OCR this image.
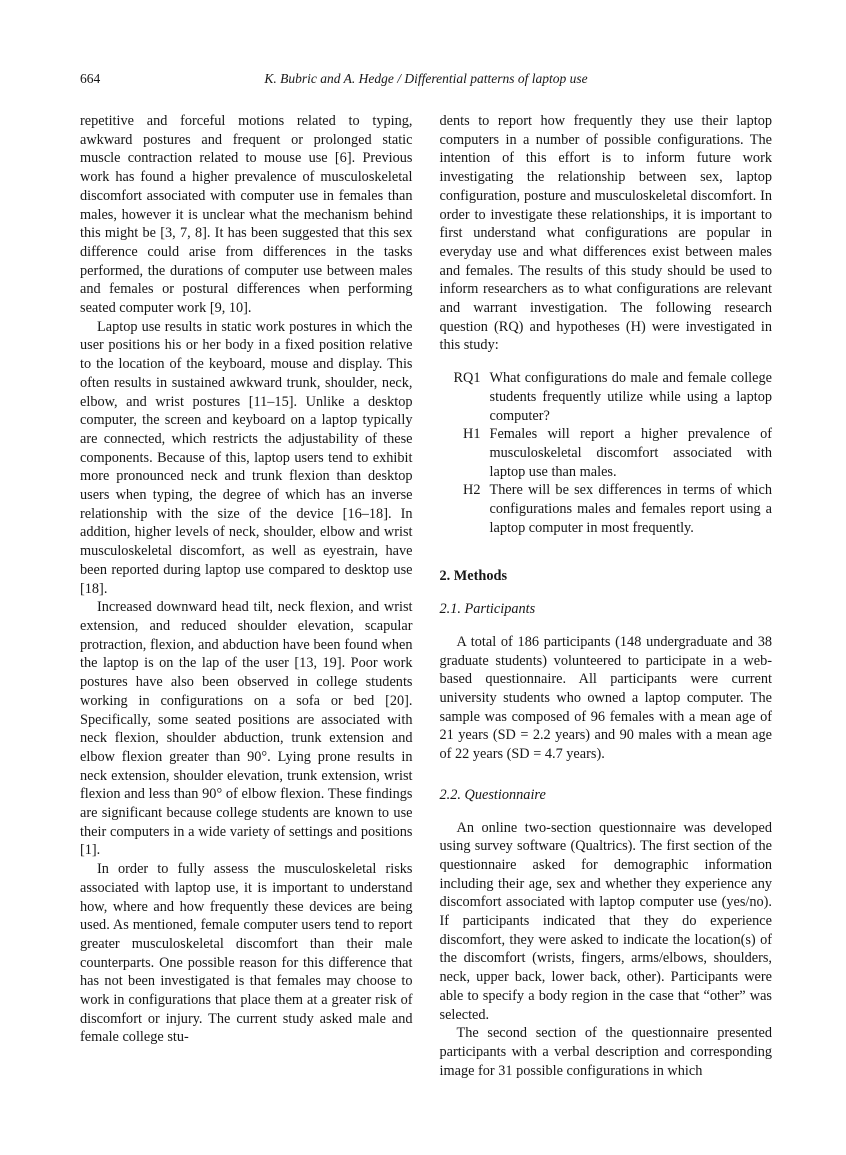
664	K. Bubric and A. Hedge / Differential patterns of laptop use

repetitive and forceful motions related to typing, awkward postures and frequent or prolonged static muscle contraction related to mouse use [6]. Previous work has found a higher prevalence of musculoskeletal discomfort associated with computer use in females than males, however it is unclear what the mechanism behind this might be [3, 7, 8]. It has been suggested that this sex difference could arise from differences in the tasks performed, the durations of computer use between males and females or postural differences when performing seated computer work [9, 10].

Laptop use results in static work postures in which the user positions his or her body in a fixed position relative to the location of the keyboard, mouse and display. This often results in sustained awkward trunk, shoulder, neck, elbow, and wrist postures [11–15]. Unlike a desktop computer, the screen and keyboard on a laptop typically are connected, which restricts the adjustability of these components. Because of this, laptop users tend to exhibit more pronounced neck and trunk flexion than desktop users when typing, the degree of which has an inverse relationship with the size of the device [16–18]. In addition, higher levels of neck, shoulder, elbow and wrist musculoskeletal discomfort, as well as eyestrain, have been reported during laptop use compared to desktop use [18].

Increased downward head tilt, neck flexion, and wrist extension, and reduced shoulder elevation, scapular protraction, flexion, and abduction have been found when the laptop is on the lap of the user [13, 19]. Poor work postures have also been observed in college students working in configurations on a sofa or bed [20]. Specifically, some seated positions are associated with neck flexion, shoulder abduction, trunk extension and elbow flexion greater than 90°. Lying prone results in neck extension, shoulder elevation, trunk extension, wrist flexion and less than 90° of elbow flexion. These findings are significant because college students are known to use their computers in a wide variety of settings and positions [1].

In order to fully assess the musculoskeletal risks associated with laptop use, it is important to understand how, where and how frequently these devices are being used. As mentioned, female computer users tend to report greater musculoskeletal discomfort than their male counterparts. One possible reason for this difference that has not been investigated is that females may choose to work in configurations that place them at a greater risk of discomfort or injury. The current study asked male and female college stu-

dents to report how frequently they use their laptop computers in a number of possible configurations. The intention of this effort is to inform future work investigating the relationship between sex, laptop configuration, posture and musculoskeletal discomfort. In order to investigate these relationships, it is important to first understand what configurations are popular in everyday use and what differences exist between males and females. The results of this study should be used to inform researchers as to what configurations are relevant and warrant investigation. The following research question (RQ) and hypotheses (H) were investigated in this study:

RQ1 What configurations do male and female college students frequently utilize while using a laptop computer?
H1 Females will report a higher prevalence of musculoskeletal discomfort associated with laptop use than males.
H2 There will be sex differences in terms of which configurations males and females report using a laptop computer in most frequently.
2. Methods
2.1. Participants

A total of 186 participants (148 undergraduate and 38 graduate students) volunteered to participate in a web-based questionnaire. All participants were current university students who owned a laptop computer. The sample was composed of 96 females with a mean age of 21 years (SD = 2.2 years) and 90 males with a mean age of 22 years (SD = 4.7 years).

2.2. Questionnaire

An online two-section questionnaire was developed using survey software (Qualtrics). The first section of the questionnaire asked for demographic information including their age, sex and whether they experience any discomfort associated with laptop computer use (yes/no). If participants indicated that they do experience discomfort, they were asked to indicate the location(s) of the discomfort (wrists, fingers, arms/elbows, shoulders, neck, upper back, lower back, other). Participants were able to specify a body region in the case that “other” was selected.

The second section of the questionnaire presented participants with a verbal description and corresponding image for 31 possible configurations in which
